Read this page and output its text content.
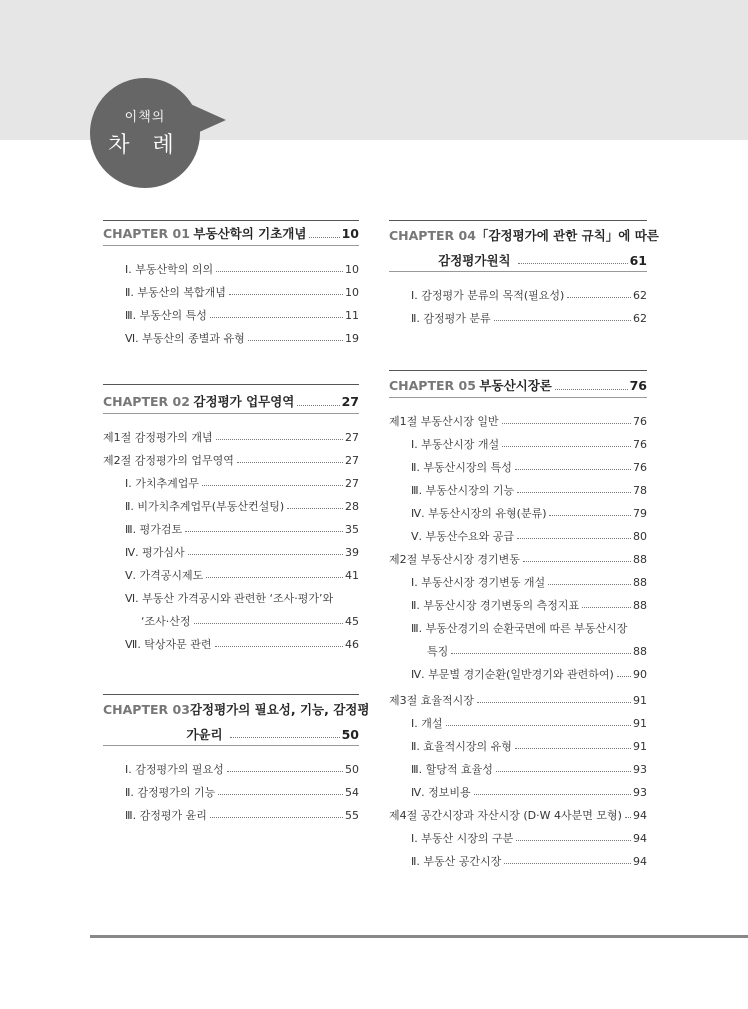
이책의
차 례
CHAPTER 01 부동산학의 기초개념	10
Ⅰ. 부동산학의 의의	10
Ⅱ. 부동산의 복합개념	10
Ⅲ. 부동산의 특성	11
Ⅵ. 부동산의 종별과 유형	19
CHAPTER 02 감정평가 업무영역	27
제1절 감정평가의 개념	27
제2절 감정평가의 업무영역	27
Ⅰ. 가치추계업무	27
Ⅱ. 비가치추계업무(부동산컨설팅)	28
Ⅲ. 평가검토	35
Ⅳ. 평가심사	39
Ⅴ. 가격공시제도	41
Ⅵ. 부동산 가격공시와 관련한 ‘조사·평가’와
‘조사·산정	45
Ⅶ. 탁상자문 관련	46
CHAPTER 03 감정평가의 필요성, 기능, 감정평
가윤리	50
Ⅰ. 감정평가의 필요성	50
Ⅱ. 감정평가의 기능	54
Ⅲ. 감정평가 윤리	55
CHAPTER 04 「감정평가에 관한 규칙」에 따른
감정평가원칙	61
Ⅰ. 감정평가 분류의 목적(필요성)	62
Ⅱ. 감정평가 분류	62
CHAPTER 05 부동산시장론	76
제1절 부동산시장 일반	76
Ⅰ. 부동산시장 개설	76
Ⅱ. 부동산시장의 특성	76
Ⅲ. 부동산시장의 기능	78
Ⅳ. 부동산시장의 유형(분류)	79
Ⅴ. 부동산수요와 공급	80
제2절 부동산시장 경기변동	88
Ⅰ. 부동산시장 경기변동 개설	88
Ⅱ. 부동산시장 경기변동의 측정지표	88
Ⅲ. 부동산경기의 순환국면에 따른 부동산시장
특징	88
Ⅳ. 부문별 경기순환(일반경기와 관련하여) 90
제3절 효율적시장	91
Ⅰ. 개설	91
Ⅱ. 효율적시장의 유형	91
Ⅲ. 할당적 효율성	93
Ⅳ. 정보비용	93
제4절 공간시장과 자산시장 (D·W 4사분면 모형) 94
Ⅰ. 부동산 시장의 구분	94
Ⅱ. 부동산 공간시장	94
